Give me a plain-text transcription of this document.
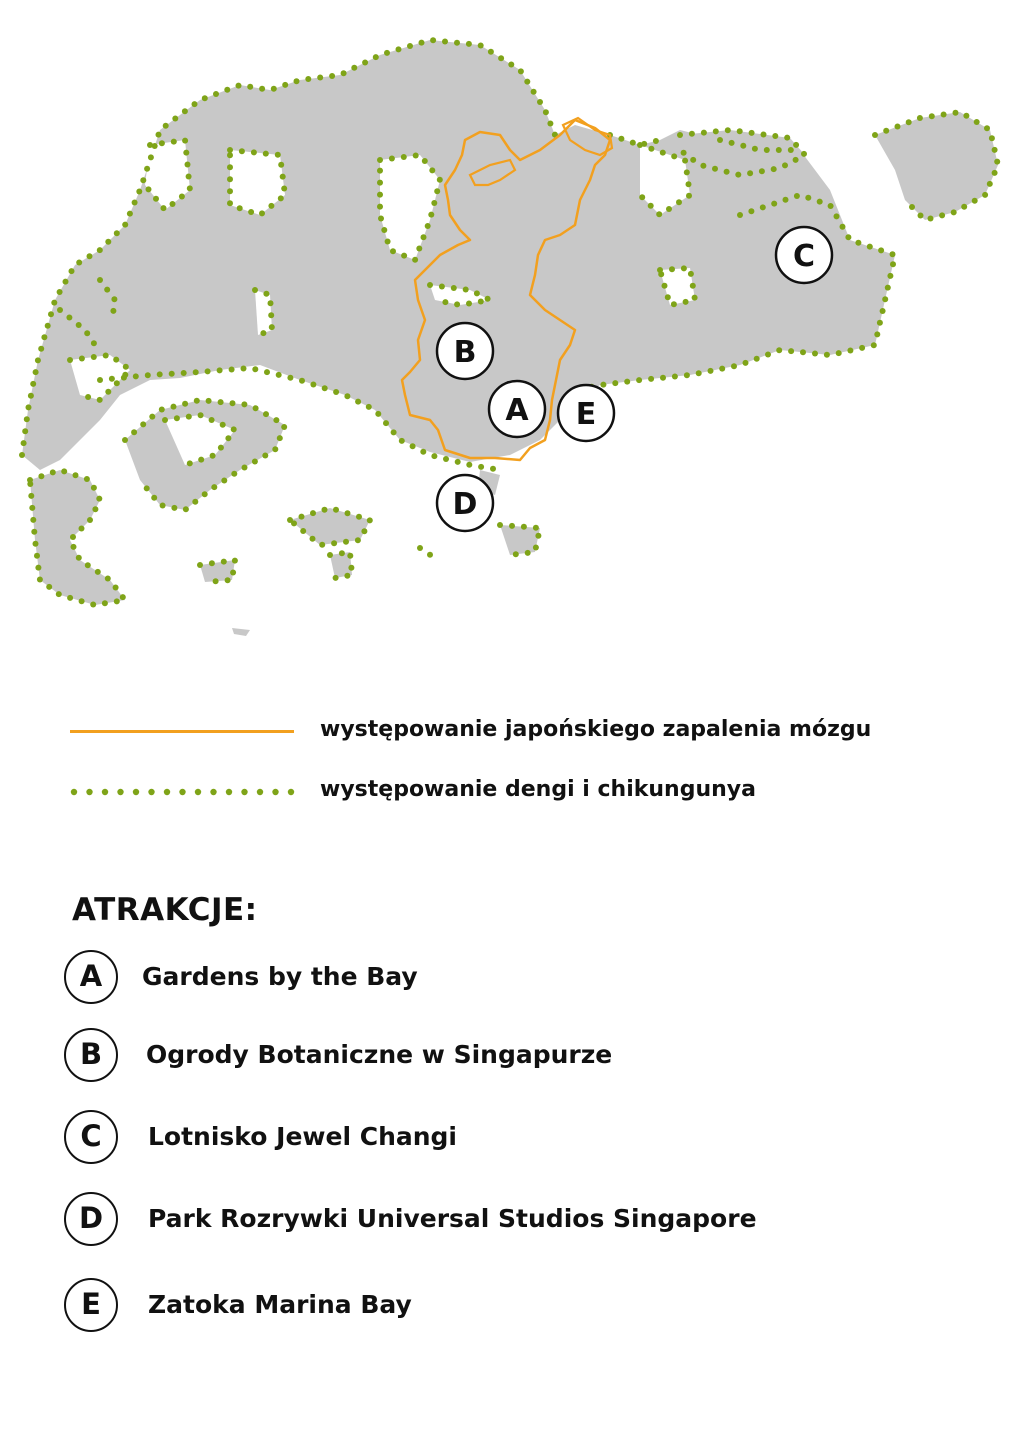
A
B
C
D
E
występowanie japońskiego zapalenia mózgu
występowanie dengi i chikungunya
ATRAKCJE:
A	Gardens by the Bay
B	Ogrody Botaniczne w Singapurze
C	Lotnisko Jewel Changi
D	Park Rozrywki Universal Studios Singapore
E	Zatoka Marina Bay
